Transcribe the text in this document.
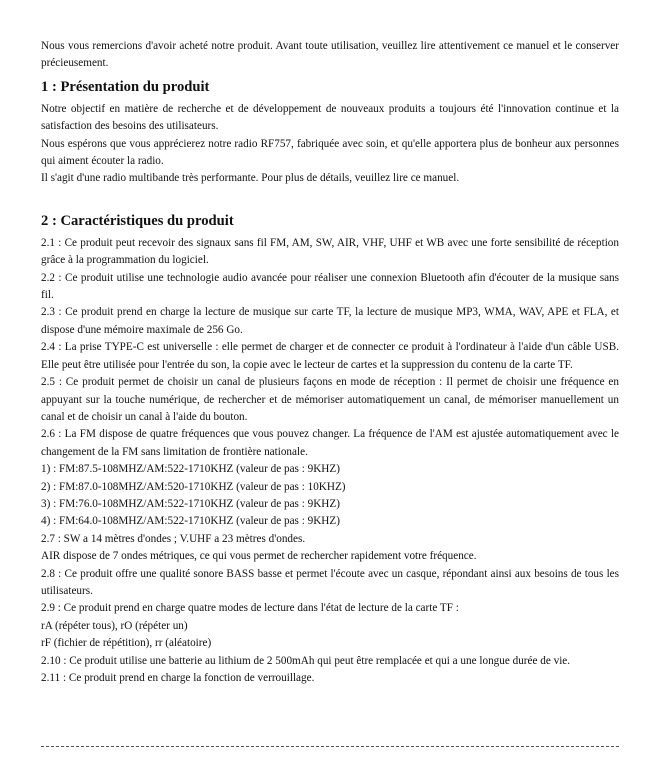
Nous vous remercions d'avoir acheté notre produit. Avant toute utilisation, veuillez lire attentivement ce manuel et le conserver précieusement.

1 : Présentation du produit

Notre objectif en matière de recherche et de développement de nouveaux produits a toujours été l'innovation continue et la satisfaction des besoins des utilisateurs.

Nous espérons que vous apprécierez notre radio RF757, fabriquée avec soin, et qu'elle apportera plus de bonheur aux personnes qui aiment écouter la radio.

Il s'agit d'une radio multibande très performante. Pour plus de détails, veuillez lire ce manuel.

2 : Caractéristiques du produit

2.1 : Ce produit peut recevoir des signaux sans fil FM, AM, SW, AIR, VHF, UHF et WB avec une forte sensibilité de réception grâce à la programmation du logiciel.

2.2 : Ce produit utilise une technologie audio avancée pour réaliser une connexion Bluetooth afin d'écouter de la musique sans fil.

2.3 : Ce produit prend en charge la lecture de musique sur carte TF, la lecture de musique MP3, WMA, WAV, APE et FLA, et dispose d'une mémoire maximale de 256 Go.

2.4 : La prise TYPE-C est universelle : elle permet de charger et de connecter ce produit à l'ordinateur à l'aide d'un câble USB. Elle peut être utilisée pour l'entrée du son, la copie avec le lecteur de cartes et la suppression du contenu de la carte TF.

2.5 : Ce produit permet de choisir un canal de plusieurs façons en mode de réception : Il permet de choisir une fréquence en appuyant sur la touche numérique, de rechercher et de mémoriser automatiquement un canal, de mémoriser manuellement un canal et de choisir un canal à l'aide du bouton.

2.6 : La FM dispose de quatre fréquences que vous pouvez changer. La fréquence de l'AM est ajustée automatiquement avec le changement de la FM sans limitation de frontière nationale.

1) : FM:87.5-108MHZ/AM:522-1710KHZ (valeur de pas : 9KHZ)

2) : FM:87.0-108MHZ/AM:520-1710KHZ (valeur de pas : 10KHZ)

3) : FM:76.0-108MHZ/AM:522-1710KHZ (valeur de pas : 9KHZ)

4) : FM:64.0-108MHZ/AM:522-1710KHZ (valeur de pas : 9KHZ)

2.7 : SW a 14 mètres d'ondes ; V.UHF a 23 mètres d'ondes.

AIR dispose de 7 ondes métriques, ce qui vous permet de rechercher rapidement votre fréquence.

2.8 : Ce produit offre une qualité sonore BASS basse et permet l'écoute avec un casque, répondant ainsi aux besoins de tous les utilisateurs.

2.9 : Ce produit prend en charge quatre modes de lecture dans l'état de lecture de la carte TF :

rA (répéter tous), rO (répéter un)

rF (fichier de répétition), rr (aléatoire)

2.10 : Ce produit utilise une batterie au lithium de 2 500mAh qui peut être remplacée et qui a une longue durée de vie.

2.11 : Ce produit prend en charge la fonction de verrouillage.
